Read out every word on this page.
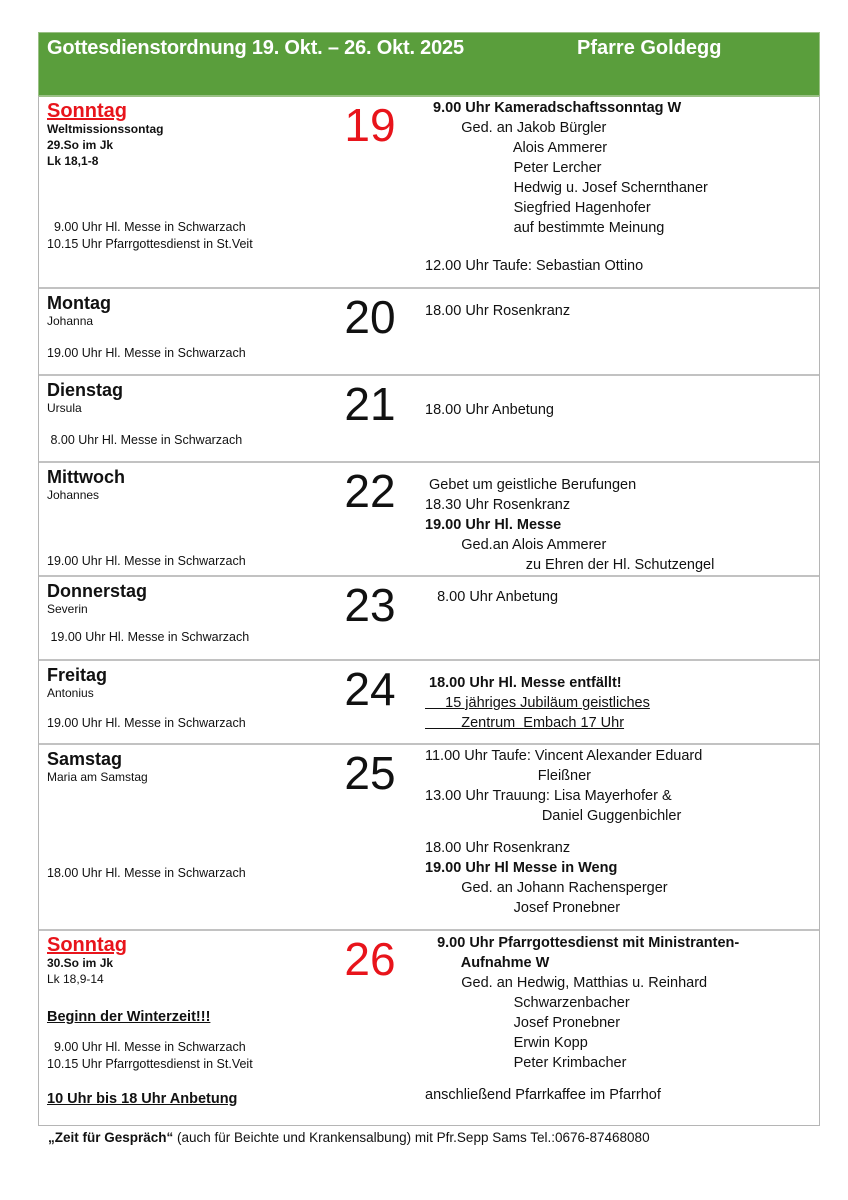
Gottesdienstordnung 19. Okt. – 26. Okt. 2025	Pfarre Goldegg
Sonntag
Weltmissionssontag
29.So im Jk
Lk 18,1-8
9.00 Uhr Hl. Messe in Schwarzach
10.15 Uhr Pfarrgottesdienst in St.Veit
19	9.00 Uhr Kameradschaftssonntag W
Ged. an Jakob Bürgler
Alois Ammerer
Peter Lercher
Hedwig u. Josef Schernthaner
Siegfried Hagenhofer
auf bestimmte Meinung
12.00 Uhr Taufe: Sebastian Ottino
Montag
Johanna
19.00 Uhr Hl. Messe in Schwarzach
20	18.00 Uhr Rosenkranz
Dienstag
Ursula
8.00 Uhr Hl. Messe in Schwarzach
21	18.00 Uhr Anbetung
Mittwoch
Johannes
19.00 Uhr Hl. Messe in Schwarzach
22	Gebet um geistliche Berufungen
18.30 Uhr Rosenkranz
19.00 Uhr Hl. Messe
Ged.an Alois Ammerer
zu Ehren der Hl. Schutzengel
Donnerstag
Severin
19.00 Uhr Hl. Messe in Schwarzach
23	8.00 Uhr Anbetung
Freitag
Antonius
19.00 Uhr Hl. Messe in Schwarzach
24	18.00 Uhr Hl. Messe entfällt!
15 jähriges Jubiläum geistliches
Zentrum  Embach 17 Uhr
Samstag
Maria am Samstag
18.00 Uhr Hl. Messe in Schwarzach
25	11.00 Uhr Taufe: Vincent Alexander Eduard
Fleißner
13.00 Uhr Trauung: Lisa Mayerhofer &
Daniel Guggenbichler
18.00 Uhr Rosenkranz
19.00 Uhr Hl Messe in Weng
Ged. an Johann Rachensperger
Josef Pronebner
Sonntag
30.So im Jk
Lk 18,9-14
Beginn der Winterzeit!!!
9.00 Uhr Hl. Messe in Schwarzach
10.15 Uhr Pfarrgottesdienst in St.Veit
10 Uhr bis 18 Uhr Anbetung
26	9.00 Uhr Pfarrgottesdienst mit Ministranten-
Aufnahme W
Ged. an Hedwig, Matthias u. Reinhard
Schwarzenbacher
Josef Pronebner
Erwin Kopp
Peter Krimbacher
anschließend Pfarrkaffee im Pfarrhof
„Zeit für Gespräch“ (auch für Beichte und Krankensalbung) mit Pfr.Sepp Sams Tel.:0676-87468080
